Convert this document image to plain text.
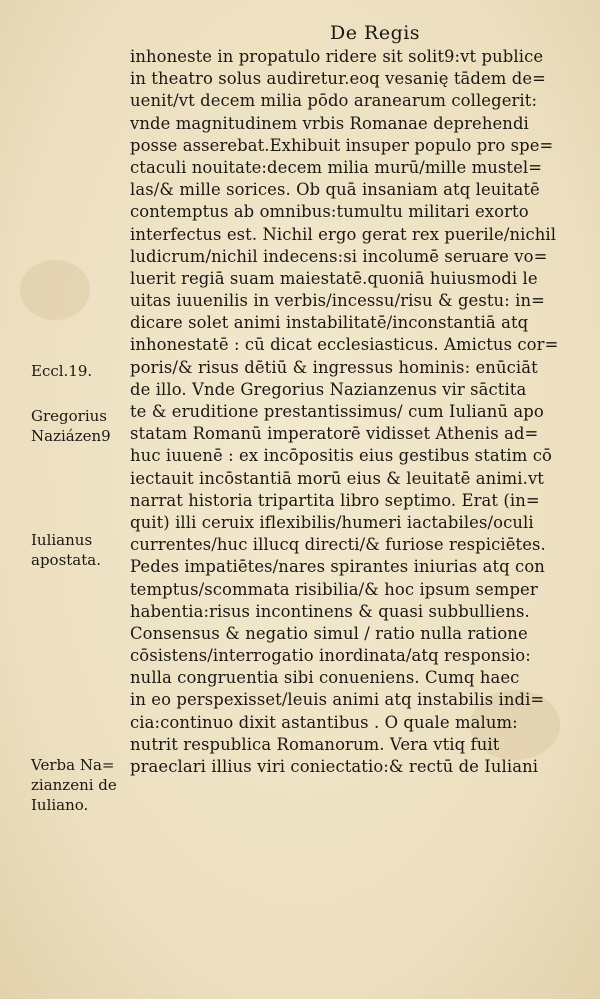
De Regis
inhoneste in propatulo ridere sit solit9:vt publice
in theatro solus audiretur.eoq vesanię tādem de=
uenit/vt decem milia pōdo aranearum collegerit:
vnde magnitudinem vrbis Romanae deprehendi
posse asserebat.Exhibuit insuper populo pro spe=
ctaculi nouitate:decem milia murū/mille mustel=
las/& mille sorices. Ob quā insaniam atq leuitatē
contemptus ab omnibus:tumultu militari exorto
interfectus est. Nichil ergo gerat rex puerile/nichil
ludicrum/nichil indecens:si incolumē seruare vo=
luerit regiā suam maiestatē.quoniā huiusmodi le
uitas iuuenilis in verbis/incessu/risu & gestu: in=
dicare solet animi instabilitatē/inconstantiā atq
inhonestatē : cū dicat ecclesiasticus. Amictus cor=
poris/& risus dētiū & ingressus hominis: enūciāt
de illo. Vnde Gregorius Nazianzenus vir sāctita
te & eruditione prestantissimus/ cum Iulianū apo
statam Romanū imperatorē vidisset Athenis ad=
huc iuuenē : ex incōpositis eius gestibus statim cō
iectauit incōstantiā morū eius & leuitatē animi.vt
narrat historia tripartita libro septimo. Erat (in=
quit) illi ceruix iflexibilis/humeri iactabiles/oculi
currentes/huc illucq directi/& furiose respiciētes.
Pedes impatiētes/nares spirantes iniurias atq con
temptus/scommata risibilia/& hoc ipsum semper
habentia:risus incontinens & quasi subbulliens.
Consensus & negatio simul / ratio nulla ratione
cōsistens/interrogatio inordinata/atq responsio:
nulla congruentia sibi conueniens. Cumq haec
in eo perspexisset/leuis animi atq instabilis indi=
cia:continuo dixit astantibus . O quale malum:
nutrit respublica Romanorum. Vera vtiq fuit
praeclari illius viri coniectatio:& rectū de Iuliani
Eccl.19.
Gregorius
Naziázen9
Iulianus
apostata.
Verba Na=
zianzeni de
Iuliano.
